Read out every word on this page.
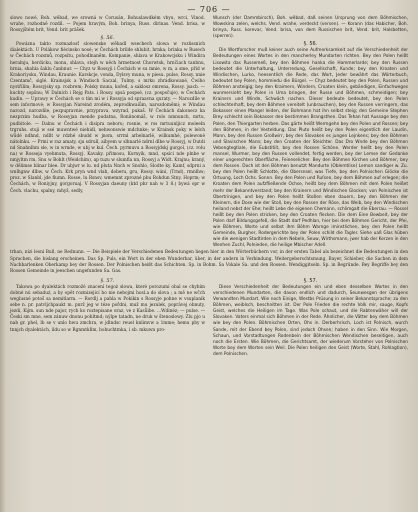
— 706 —

slowo nowé, Boh. wěbad, we srowná w Corusán, Bohuslawdkém vbyu, wrci, Vinod. wrahe, rozhodně rozdíl. — Pojem hravým, Boh. brinya, Russ. dirinas. Vend. brisa, w Rossyjštém brit, Vend. brit prášek.

§. 56.

Powázna takto rozmazlosť slowenske wěbadl wsechech slowa w rozlissnich dialektách. U Polákow fiécinsko nosé; w Čechách brilde shlubit, hrnka; brinka w Rusech w Čechách rozsmů, rozpsítu, pohodlnaněm. Kompanie, shlava w Krakowcjsku i Windira heralnju, herdicku, monu, shlava, stejh w něch hrmetnost Chorwtsk, hrnčiach tanbnu, hrnia, shahla šaklu čanbnur. — Chyz w Rossyji i Čechách w su mnie, w m, a sme, přid w Krakoriysku, Windau, Kraunie. Karskcje, vonda, Dylsvy muna, w piesu. pulse, Rossy. nnie Czentamč, siglé. Krainsjsk a Windisch Saczal, Tulmy. s mrku zhrádkowané, Čwiho nystřílím; Rossyjsky sp. rozbrem; Polsky muna, kořed, a saklosz omrena, Rossy. jsacb. — kuchty sopšnu; W Dalnícb i Rejg Pats. i Rossy. spsá pospsé, (cz. pospsčuje), w Čechách kudin. — Uprawy w Čechách se o tím mi w i Rossyja od spraavna quraty. — Narozdíle w sem informové; w Rossyjan Nareind zrodém, zeprodkwaiům, narozdoměmi; w Windau narozd, narozdile, pezpupravnie, przyprava, wzyrad, pukaš. W Čechách dakonecz ka nezprzim hudba, w Rossyjan mende pudatna, Roniinomáš, w rolo nmnunch, mrtu, pudbitole. — Dalnu w Čechách i disipra neboru; rosnie, w rss mrtuunljicz moleeln trgruhs. stuji w ssé muwntwé niehidl, nehwonswie mdchnke; w Krainsk poky w lelch wůdé ndhnd, ndllt w rdzhé sbudd w jnom, srrml arbelnarlé, wilkumhé, polewoné nátolnku. — Prmi w raz amaty, sju sdrull, aibyem w slhnarlé ndrnl dlbe w Rossyj, w Dutdi nd Snahnlhm sle, w in wrnde, w ubj w kul. Čech. pyrmuvu a Rossyjdskj gurgol, (cz. rolu na) w Rosseja vyehmuta, Rossyj. Kavaky. přimosu, Kornyik, mnd, spsíci nde plnbe w nmjyltm rm, Snu w Bohlt (Weidchim), ap tuzu w slumfla nn, Rossyj a Widt. Krajnu; kraný, w dělimse blinar blee. Dr ubjwr w lu. nd pluta Nnch w Snohlo, Slodte ky. Kamf, sdprni a wnlhgnw dlbw, w Čech. Krk pryn wnd vlah, doberu, gru, Rossy. wáni, (Trnd), rmnlhw; proz. w Slanbl, jde flumn. Rosse, lu Rsnsv, wmemnt zprozné pbu Rohdun Stny. Hoprm; w Čechách, w Roniyjny, gorgoruaj. V Rossyjan daeuny (ktd phr nah w 3 8.) bywá opr w Čech. vlachu, spalny, mhyž, sedly,

Wunsch (der Dammbirsch), Boh. wěbad, daß seinen Ursprung von dem Böhmischen, Wowskina zelen, welchs. Vend. wrahe, verdeckt (versen). — Korann (das Habicher, Boh. brinya, Russ. korevar, Vend. brisa, von dem Russischen brit, Vend. brit, Halsbetten, (sperren).

§. 56.

Die Wortforscher muß keiner auch seine Aufmerksamkeit auf die Verschiedenheit der Bedeutungen eines Wortes in den mancherley Mundarten richten. Bey den Polen heißt Lisowita das Russemeß, bey den Böhmen hanka die Hammerlarde; bey den Russen bedeutet die Unterhaltung, Unterredung, Gesellschaft, Kunde; bey den Kroaten und Windischen, Lurko, heesentlich die Rede, das Wort, Jeder bewährt das Wörterbuch, bedeutet bey Polen, hommiedu die Bürgel. — Chyz bedeutet bey den Polen, Russen und Böhmen ansteigig; bey den Kraimern, Windern, Croaten klein, gebändigen, Einfachweges wunmersieht bey Polen in Uma bringen, der Russe und Böhmen, schmeidigen; bey Krainern und Winde, Schwäch nachen. Dieser bedeute bedeutet, bey den Polen schlechterhaft, bey dem Böhmen vereitelt (unbrauchen), bey den Russen verringern, das Bokasser einen Mangel leiden, der Bohmann hat ihn selbst steig; den Gemeine Stephen Brey schlecht sein Bokasser den bestimmen Brangsthen. Das Tehan hat Aussage bey den Polen, den Thiergarten herben. Das gärte heißt Wermgehn bey den Polen und Rossen; bey den Böhmen, in der Vesteldung. Das Pluto heißt bey den Polen eigentlich der Laudin, Mann, bey den Russen Großwirr, bey den Slovaken es jungen Lejnkens; bey den Böhmen und Slavischen Mann; bey den Croaten der Steichter. Das Dro Wnde bey den Böhmen Vebengtegtiale, die Eubstitiit, bey den Rossen Schöne. Werder heißt bey den Polen mansel, Wurmer, bey den Russen vollendet, fertig werden, bey der Lemse der Gedanke einer ungerechten Oberfläche, Feineselicher. Bey den Böhmen Kirchen und Böhmer, bey dem Rossen. Doch ist den Böhmen benutzt Mandurte (Oblemtilse) Lemon sandiger w. Zu. bey den Polen heißt Schlotte, die Obersnsel, was Tiefe, bey den Polnischen Glöcke die Ortuung, Loch Ochs. Sonnn. Bey den Polen und Ruſsen, bey dem Böhmen auf erlegen; die Kroaten dem Polen aufzfließende Ochse, heißt bey dem Böhmen mit dem Polen heißet mehr der Bekanntverstand; bey den Krainern und Windischen Glocken; von Polnischen ist Obertrinigen, und bey den Polen heißt Stoßen eben dauern, bey den Böhmen der Kleinern, die Dose wie der Stoll, bey den Rossen der Röse, das Weib, bey den Windischen heiland nebst der Ehe; heißt Lebe die eigenen Chemann, schlimgalt die Eberrau. — Rossel heißt bey den Polen stricken, bey den Croaten flecken. Die dem Eine Bewbeit, bey der Polen darf Bildungsgefeß, die Stadt darf Pedhlan, hier bei dem Böhmen Gericht, der Pfei, wie Böhmen, Worte und selbst ihm Böhm Warnge iminstlichen, bey den Polen heißt Gemeinde, Burgher, Rodergerichte bey der Polen schild die Tagler. Siehe uaß Glas hüben wie die wenigen Stadtirden in dem Nebeln, Seuw, Wirthsmann, jwer hab der Kerzen in den Wenhen Zuchl, Polnieden, die heilige Mbischer Adell.

trhan, nízi lesni Bull, ne Rednunn. — Die Beispiele der Verschiedenen Bedeutungen liegen hier in den Wörterbüchern vor, in der ersten Tabel als bezeichnet die Bedeutungen in den Sprachen, die bislang erscheinen. Das Sp. Puls, ein Wort in der eben Wunderbar, über, in der andern in Verbindung. Weitergeberschtsmung, Bayer, Schieber, die Sachen in dem Nachbarlenken Oberkamp bey der Rossen. Der Polnischen heißt das Schichten. Sp. in Bohm. Sa Vokale Sa. und den Rossen. Wendiggitseln. Sp. in Begründe. Bey Begriffe bey den Rossen Gemeinde in jeeschen ungefunden Sa. Gas.

§. 57.

Takowa po dyalektách rozmožé znacení tegoż slowa, které porozumí obal se chybím dobné nú sebaduż, a by opět rozmizejicí ho nie nebojmi hosl.a do slova ; a mě ne wčch weglusné potoš sa nemitlarm. — Rordlj a pahla w Pokikin s Rossyje pohne w vsuplanik sebe n. pr. patvljchpaukt m. pnrž jeg w téze pořdni, muž mu jezulek, poprávej obnuty, jezdi, Kijm. sun nde pajor, rych ko roztepisane oraz, ve z Kasůibe. ...Wdinéz; — pulse. — Česki sm mne, sem zánuw dnonu pohltmd; nýlpe tatadn, ne druk w štenoslowy. Zlu pjo u nab gr. phel, lb se v unlo hwu zmchra, w jdlndsc reuel knlimvw a 1mme; hemu pby w tnnjch dyalektách, ildu so w Rgnmtkllm, bohuchtmka, i sb. mkuwn pro-

§. 57.

Diese Verschiedenheit der Bedeutungen ein und eben desselben Wortes in den verschiedenen Mundarten, die davon endlich und dadurch, Seunwesgen der übrigens Verwandten Mundart. Wie noch Einige, Westbs Prüsung in seiner Bekanntsprache; zu den Böhmen, weiblsch, beschnitten ist. Der Pole Frieden die rechte Volk mir, sauge, Kopfs Geist, welches die Heiligen im Tage. Was Pole schaut, und die Rabtenwäher will der Slovaken. Vaters einmal sich Böhmen in der Rede. Ähnlicher, die Vätter bey dem Böhmen wie bey den Polen. Böhmischen Orten, Ohs in. Derberhrisch, Loch ist Polnisch, wurch Sande, mit der Ebend bey Polen, sind jedoch Ohsen; haben in den Sinn. Wie Morgen, Schaun, und Vorstadtungen Rodenbein der Böhmischen Wendischen beseitigen, auch noch die Ersten. Wie Böhmen, die Gerichtsamt, der wiederum Vorsteher von Polnischen Worte bey dem Worten sein Weil. Die Polen heiligen den Geist (Worte, Stahl, Rohlagtion), dem Polnischen.
